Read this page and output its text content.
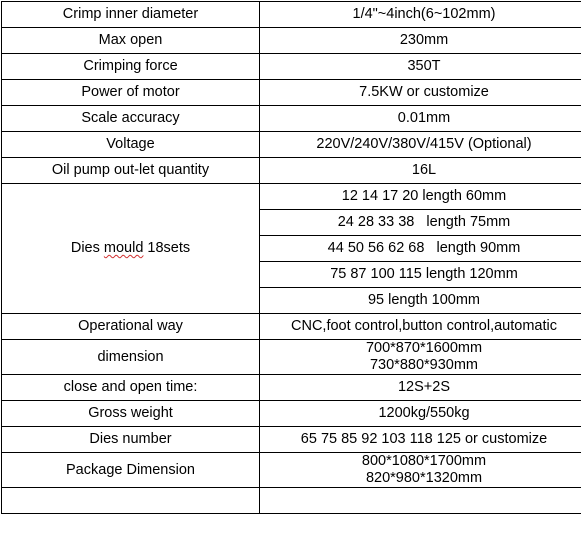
Crimp inner diameter	1/4"~4inch(6~102mm)
Max open	230mm
Crimping force	350T
Power of motor	7.5KW or customize
Scale accuracy	0.01mm
Voltage	220V/240V/380V/415V (Optional)
Oil pump out-let quantity	16L
Dies mould 18sets	12 14 17 20 length 60mm
	24 28 33 38   length 75mm
	44 50 56 62 68   length 90mm
	75 87 100 115 length 120mm
	95 length 100mm
Operational way	CNC,foot control,button control,automatic
dimension	700*870*1600mm
730*880*930mm

close and open time:	12S+2S
Gross weight	1200kg/550kg
Dies number	65 75 85 92 103 118 125 or customize
Package Dimension	800*1080*1700mm
820*980*1320mm
